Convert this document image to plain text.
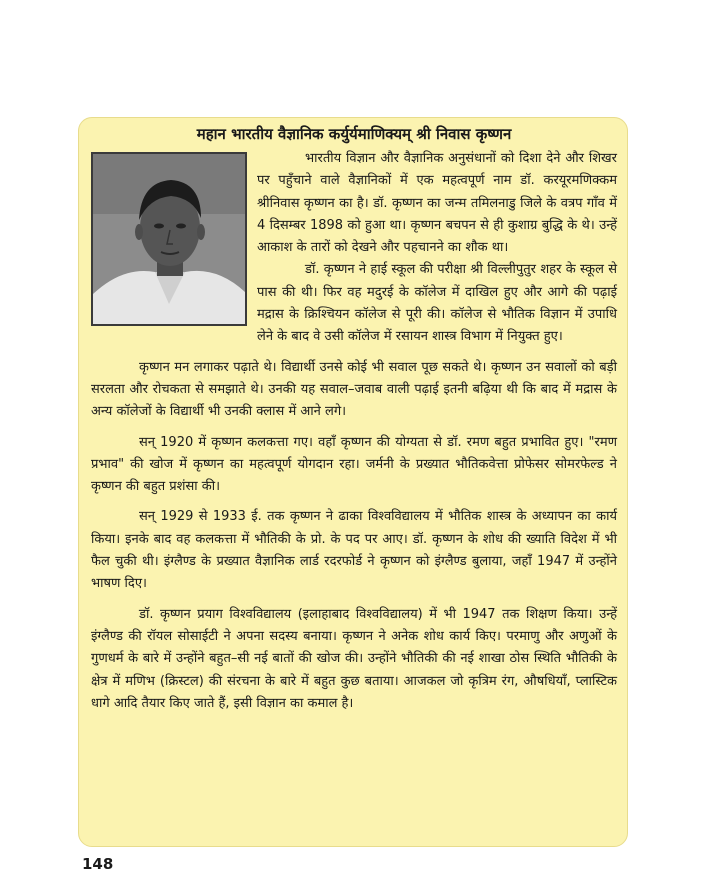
महान भारतीय वैज्ञानिक कर्युर्यमाणिक्यम् श्री निवास कृष्णन

भारतीय विज्ञान और वैज्ञानिक अनुसंधानों को दिशा देने और शिखर पर पहुँचाने वाले वैज्ञानिकों में एक महत्वपूर्ण नाम डॉ. करयूरमणिक्कम श्रीनिवास कृष्णन का है। डॉ. कृष्णन का जन्म तमिलनाडु जिले के वत्रप गाँव में 4 दिसम्बर 1898 को हुआ था। कृष्णन बचपन से ही कुशाग्र बुद्धि के थे। उन्हें आकाश के तारों को देखने और पहचानने का शौक था।

डॉ. कृष्णन ने हाई स्कूल की परीक्षा श्री विल्लीपुतुर शहर के स्कूल से पास की थी। फिर वह मदुरई के कॉलेज में दाखिल हुए और आगे की पढ़ाई मद्रास के क्रिश्चियन कॉलेज से पूरी की। कॉलेज से भौतिक विज्ञान में उपाधि लेने के बाद वे उसी कॉलेज में रसायन शास्त्र विभाग में नियुक्त हुए।

कृष्णन मन लगाकर पढ़ाते थे। विद्यार्थी उनसे कोई भी सवाल पूछ सकते थे। कृष्णन उन सवालों को बड़ी सरलता और रोचकता से समझाते थे। उनकी यह सवाल–जवाब वाली पढ़ाई इतनी बढ़िया थी कि बाद में मद्रास के अन्य कॉलेजों के विद्यार्थी भी उनकी क्लास में आने लगे।

सन् 1920 में कृष्णन कलकत्ता गए। वहाँ कृष्णन की योग्यता से डॉ. रमण बहुत प्रभावित हुए। "रमण प्रभाव" की खोज में कृष्णन का महत्वपूर्ण योगदान रहा। जर्मनी के प्रख्यात भौतिकवेत्ता प्रोफेसर सोमरफेल्ड ने कृष्णन की बहुत प्रशंसा की।

सन् 1929 से 1933 ई. तक कृष्णन ने ढाका विश्वविद्यालय में भौतिक शास्त्र के अध्यापन का कार्य किया। इनके बाद वह कलकत्ता में भौतिकी के प्रो. के पद पर आए। डॉ. कृष्णन के शोध की ख्याति विदेश में भी फैल चुकी थी। इंग्लैण्ड के प्रख्यात वैज्ञानिक लार्ड रदरफोर्ड ने कृष्णन को इंग्लैण्ड बुलाया, जहाँ 1947 में उन्होंने भाषण दिए।

डॉ. कृष्णन प्रयाग विश्वविद्यालय (इलाहाबाद विश्वविद्यालय) में भी 1947 तक शिक्षण किया। उन्हें इंग्लैण्ड की रॉयल सोसाईटी ने अपना सदस्य बनाया। कृष्णन ने अनेक शोध कार्य किए। परमाणु और अणुओं के गुणधर्म के बारे में उन्होंने बहुत–सी नई बातों की खोज की। उन्होंने भौतिकी की नई शाखा ठोस स्थिति भौतिकी के क्षेत्र में मणिभ (क्रिस्टल) की संरचना के बारे में बहुत कुछ बताया। आजकल जो कृत्रिम रंग, औषधियाँ, प्लास्टिक धागे आदि तैयार किए जाते हैं, इसी विज्ञान का कमाल है।

148
